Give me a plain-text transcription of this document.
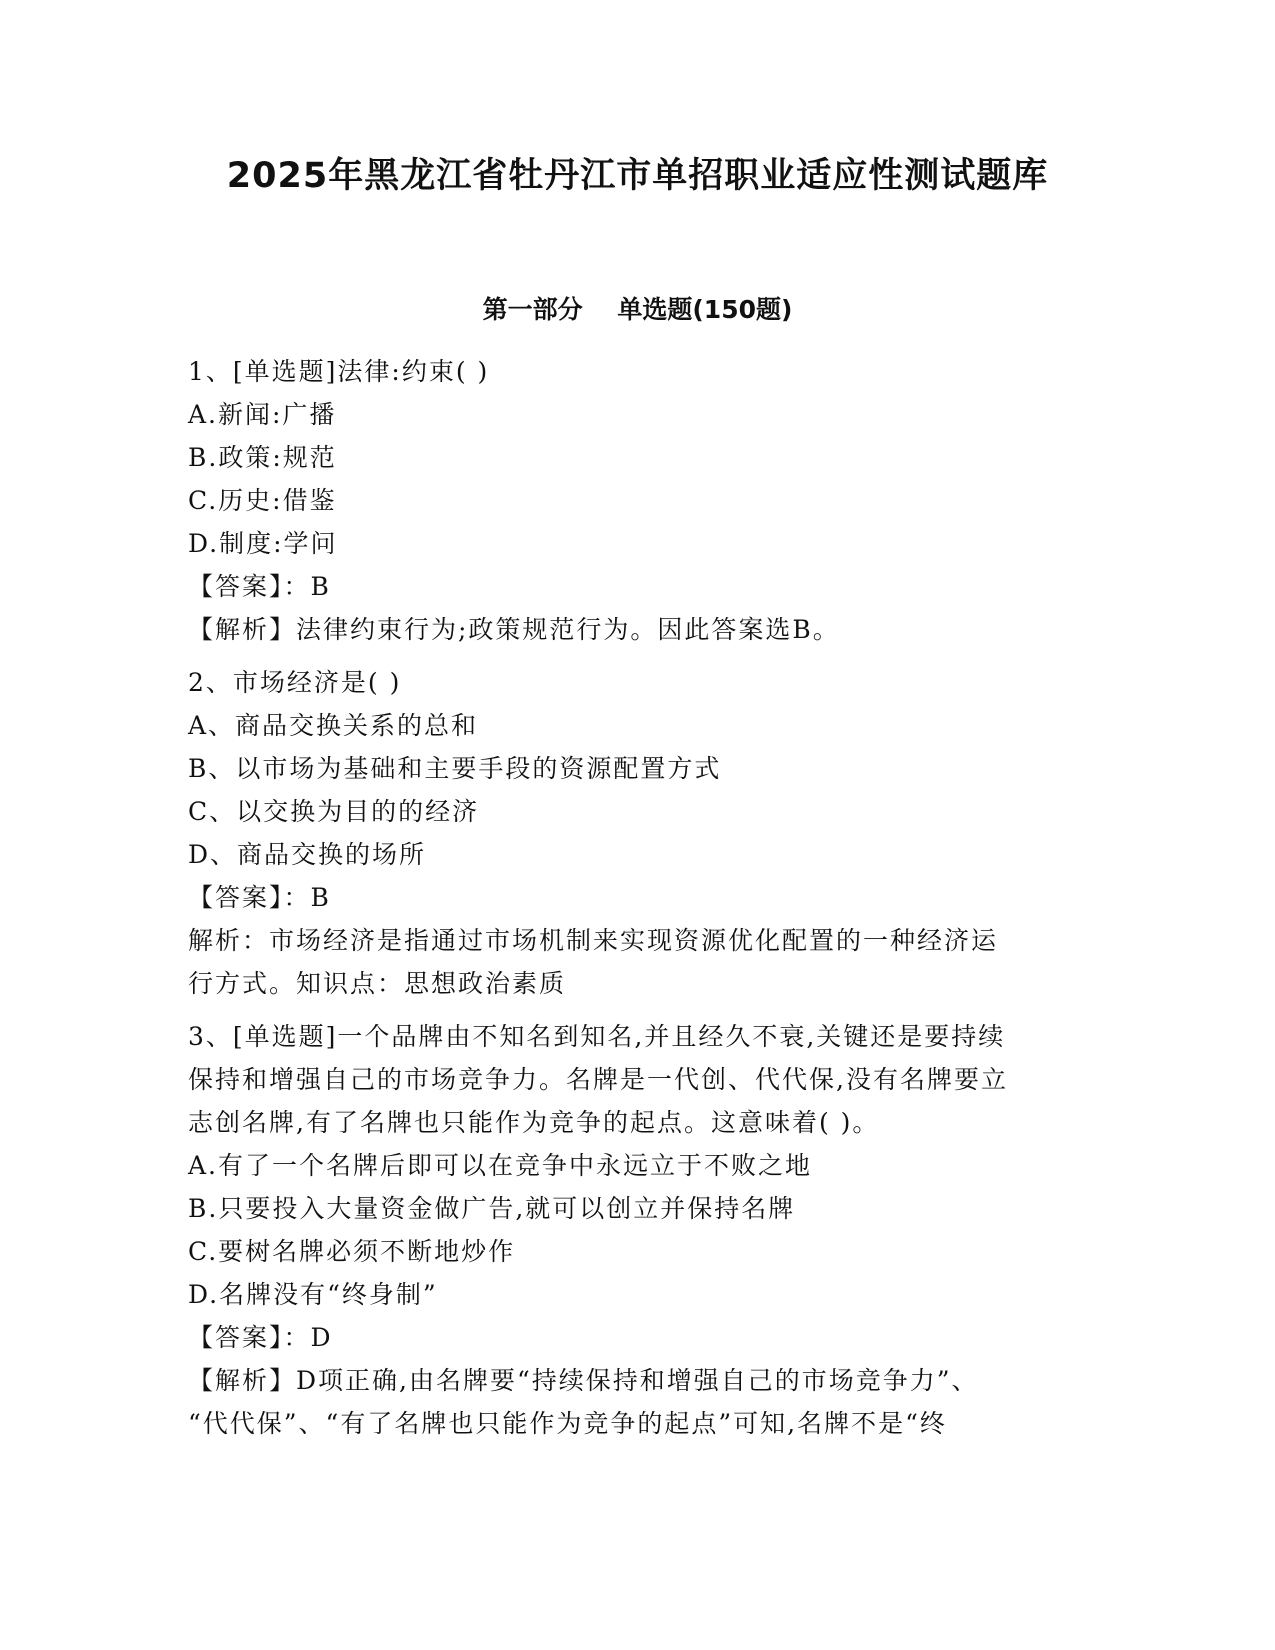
2025年黑龙江省牡丹江市单招职业适应性测试题库
第一部分    单选题(150题)
1、[单选题]法律:约束( )
A.新闻:广播
B.政策:规范
C.历史:借鉴
D.制度:学问
【答案】：B
【解析】法律约束行为;政策规范行为。因此答案选B。
2、市场经济是( )
A、商品交换关系的总和
B、以市场为基础和主要手段的资源配置方式
C、以交换为目的的经济
D、商品交换的场所
【答案】：B
解析：市场经济是指通过市场机制来实现资源优化配置的一种经济运
行方式。知识点：思想政治素质
3、[单选题]一个品牌由不知名到知名,并且经久不衰,关键还是要持续
保持和增强自己的市场竞争力。名牌是一代创、代代保,没有名牌要立
志创名牌,有了名牌也只能作为竞争的起点。这意味着( )。
A.有了一个名牌后即可以在竞争中永远立于不败之地
B.只要投入大量资金做广告,就可以创立并保持名牌
C.要树名牌必须不断地炒作
D.名牌没有“终身制”
【答案】：D
【解析】D项正确,由名牌要“持续保持和增强自己的市场竞争力”、
“代代保”、“有了名牌也只能作为竞争的起点”可知,名牌不是“终
